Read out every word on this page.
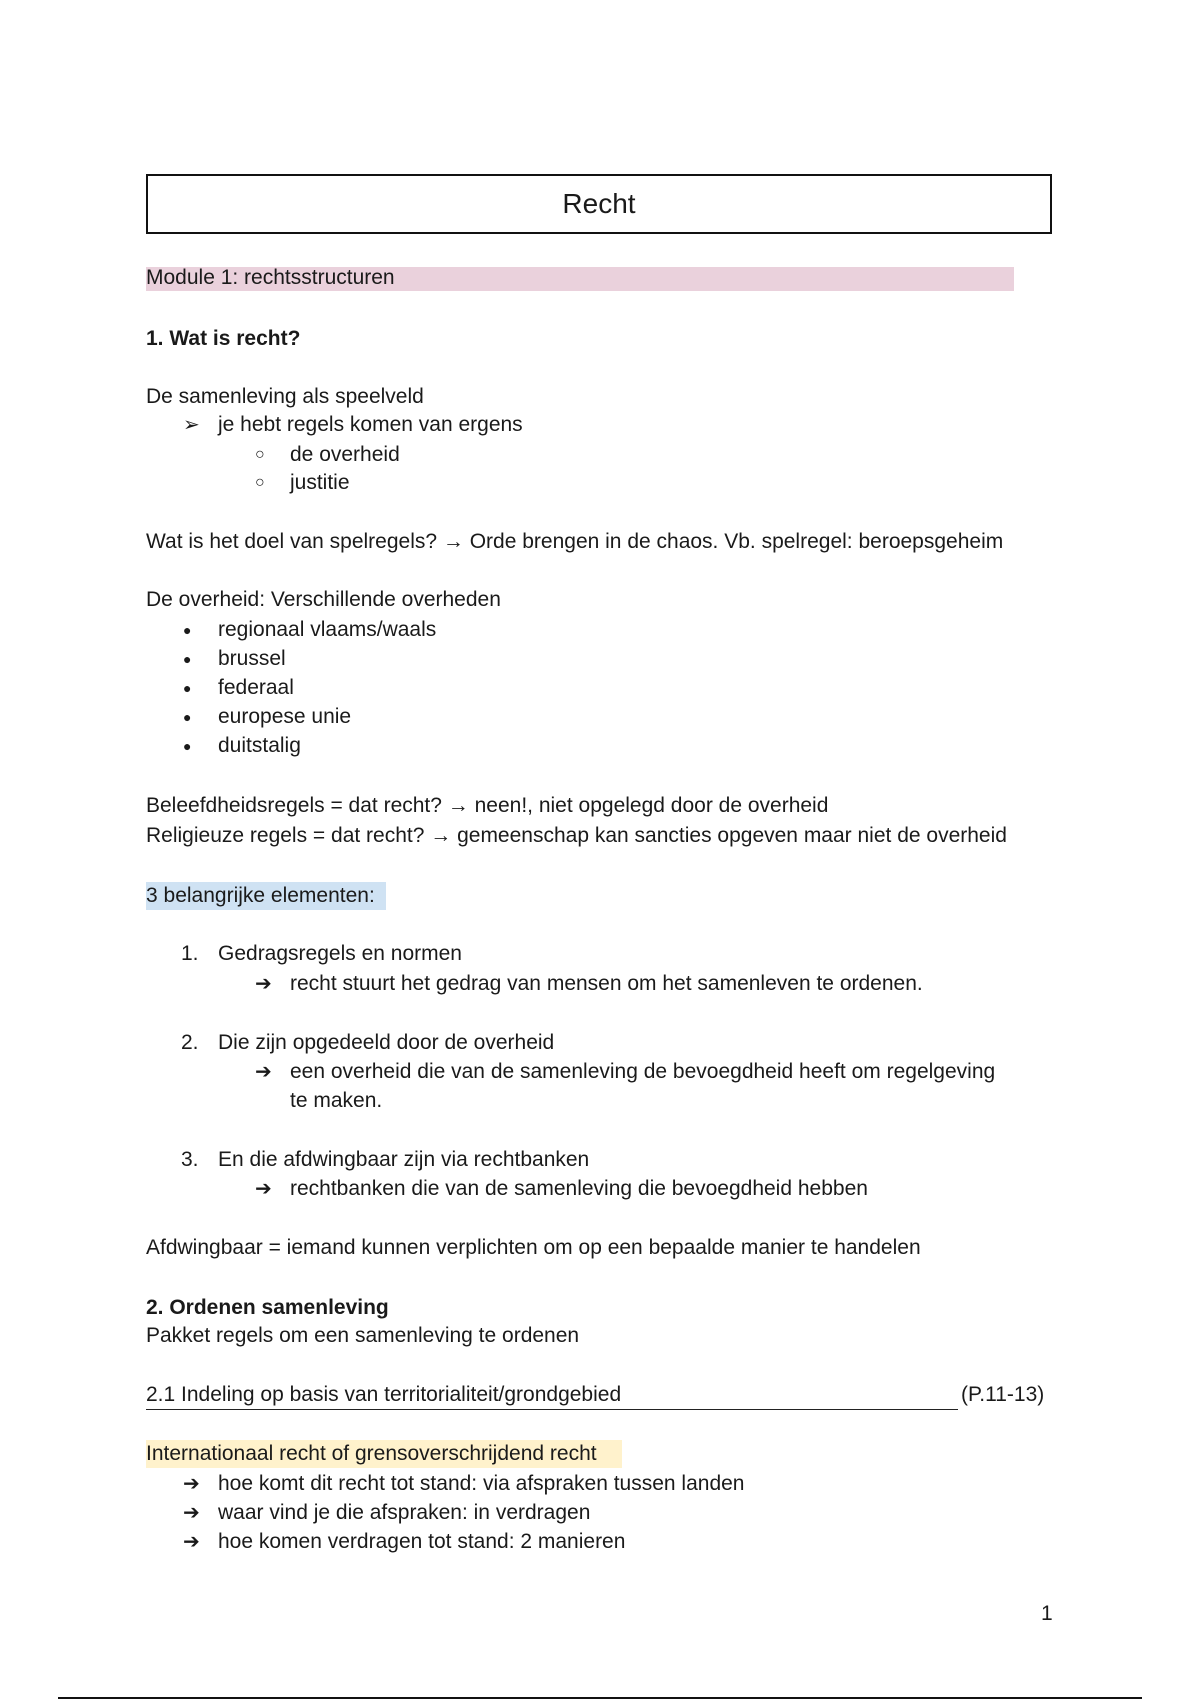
Recht
Module 1: rechtsstructuren
1. Wat is recht?
De samenleving als speelveld
➢ je hebt regels komen van ergens
○ de overheid
○ justitie
Wat is het doel van spelregels? → Orde brengen in de chaos. Vb. spelregel: beroepsgeheim
De overheid: Verschillende overheden
● regionaal vlaams/waals
● brussel
● federaal
● europese unie
● duitstalig
Beleefdheidsregels = dat recht? → neen!, niet opgelegd door de overheid
Religieuze regels = dat recht? → gemeenschap kan sancties opgeven maar niet de overheid
3 belangrijke elementen:
1. Gedragsregels en normen
➔ recht stuurt het gedrag van mensen om het samenleven te ordenen.
2. Die zijn opgedeeld door de overheid
➔ een overheid die van de samenleving de bevoegdheid heeft om regelgeving
te maken.
3. En die afdwingbaar zijn via rechtbanken
➔ rechtbanken die van de samenleving die bevoegdheid hebben
Afdwingbaar = iemand kunnen verplichten om op een bepaalde manier te handelen
2. Ordenen samenleving
Pakket regels om een samenleving te ordenen
2.1 Indeling op basis van territorialiteit/grondgebied	(P.11-13)
Internationaal recht of grensoverschrijdend recht
➔ hoe komt dit recht tot stand: via afspraken tussen landen
➔ waar vind je die afspraken: in verdragen
➔ hoe komen verdragen tot stand: 2 manieren
1
